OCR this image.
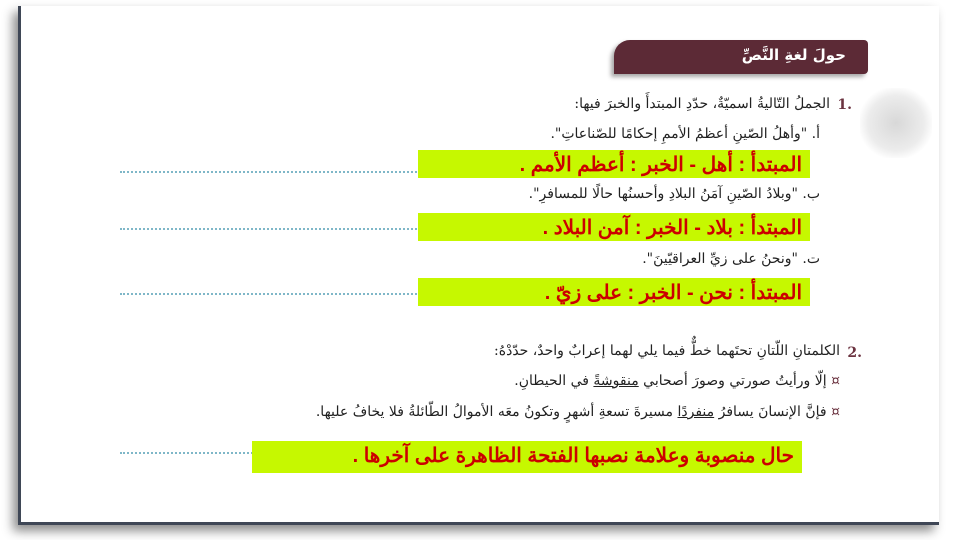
حولَ لغةِ النَّصِّ
.1
الجملُ التّاليةُ اسميّةٌ، حدّدِ المبتدأَ والخبرَ فيها:
أ. "وأهلُ الصّينِ أعظمُ الأممِ إحكامًا للصّناعاتِ".
المبتدأ : أهل - الخبر : أعظم الأمم .
ب. "وبلادُ الصّينِ آمَنُ البلادِ وأحسنُها حالًا للمسافرِ".
المبتدأ : بلاد - الخبر : آمن البلاد .
ت. "ونحنُ على زيِّ العراقيّينَ".
المبتدأ : نحن - الخبر : على زيّ .
.2
الكلمتانِ اللّتانِ تحتَهما خطٌّ فيما يلي لهما إعرابٌ واحدٌ، حدّدْهُ:
¤ إلّا ورأيتُ صورتي وصورَ أصحابي منقوشةً في الحيطانِ.
¤ فإنَّ الإنسانَ يسافرُ منفردًا مسيرةَ تسعةِ أشهرٍ وتكونُ معَه الأموالُ الطّائلةُ فلا يخافُ عليها.
حال منصوبة وعلامة نصبها الفتحة الظاهرة على آخرها .
